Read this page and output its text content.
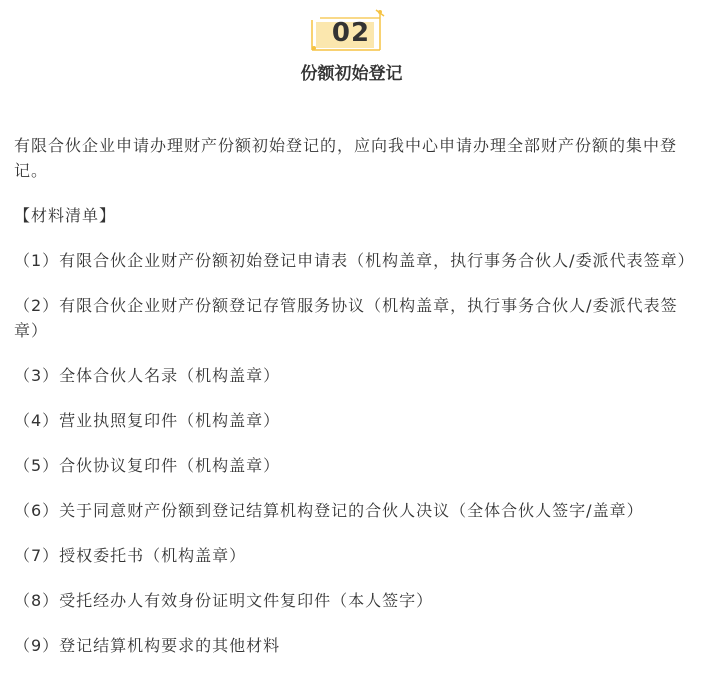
02
份额初始登记

有限合伙企业申请办理财产份额初始登记的，应向我中心申请办理全部财产份额的集中登记。

【材料清单】

（1）有限合伙企业财产份额初始登记申请表（机构盖章，执行事务合伙人/委派代表签章）

（2）有限合伙企业财产份额登记存管服务协议（机构盖章，执行事务合伙人/委派代表签章）

（3）全体合伙人名录（机构盖章）

（4）营业执照复印件（机构盖章）

（5）合伙协议复印件（机构盖章）

（6）关于同意财产份额到登记结算机构登记的合伙人决议（全体合伙人签字/盖章）

（7）授权委托书（机构盖章）

（8）受托经办人有效身份证明文件复印件（本人签字）

（9）登记结算机构要求的其他材料
